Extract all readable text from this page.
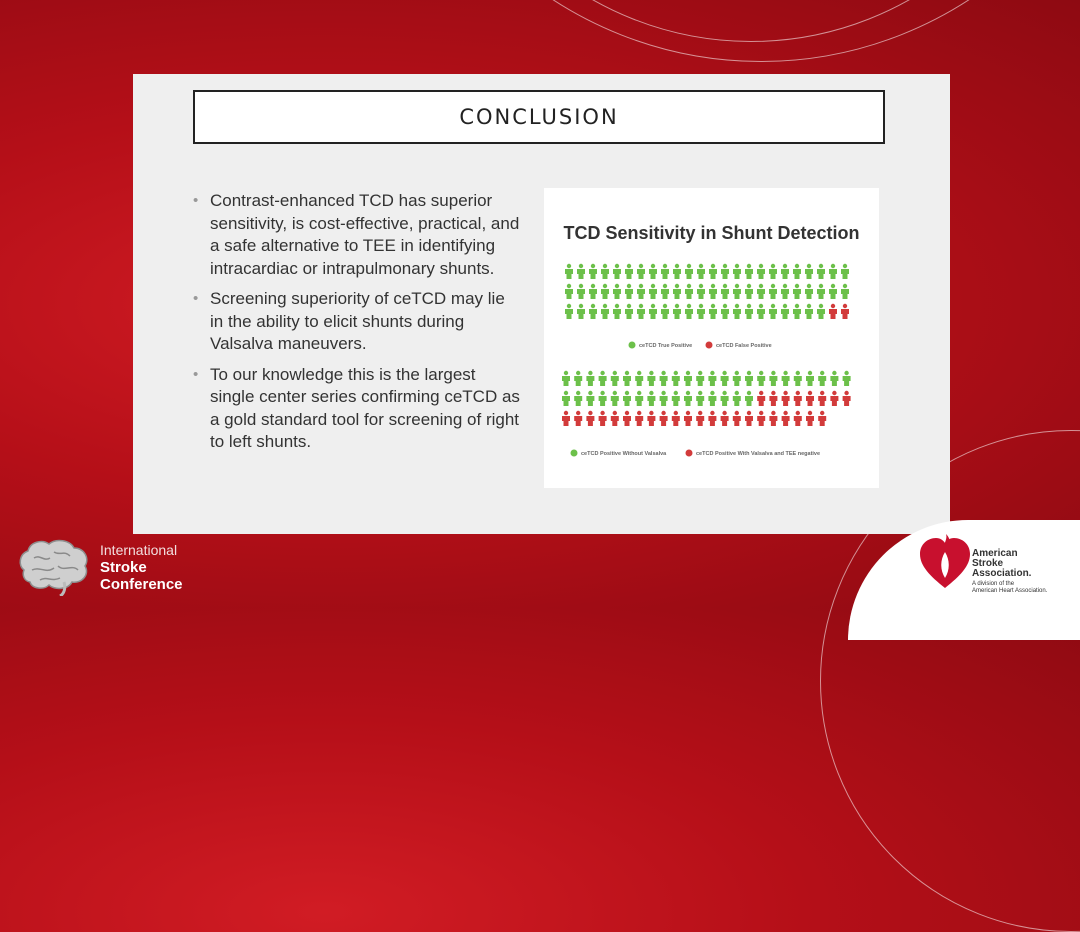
CONCLUSION
• Contrast-enhanced TCD has superior sensitivity, is cost-effective, practical, and a safe alternative to TEE in identifying intracardiac or intrapulmonary shunts.
• Screening superiority of ceTCD may lie in the ability to elicit shunts during Valsalva maneuvers.
• To our knowledge this is the largest single center series confirming ceTCD as a gold standard tool for screening of right to left shunts.
ceTCD True Positive	ceTCD False Positive
ceTCD Positive Without Valsalva	ceTCD Positive With Valsalva and TEE negative
TCD Sensitivity in Shunt Detection
International
Stroke
Conference
American
Stroke
Association.
A division of the
American Heart Association.
